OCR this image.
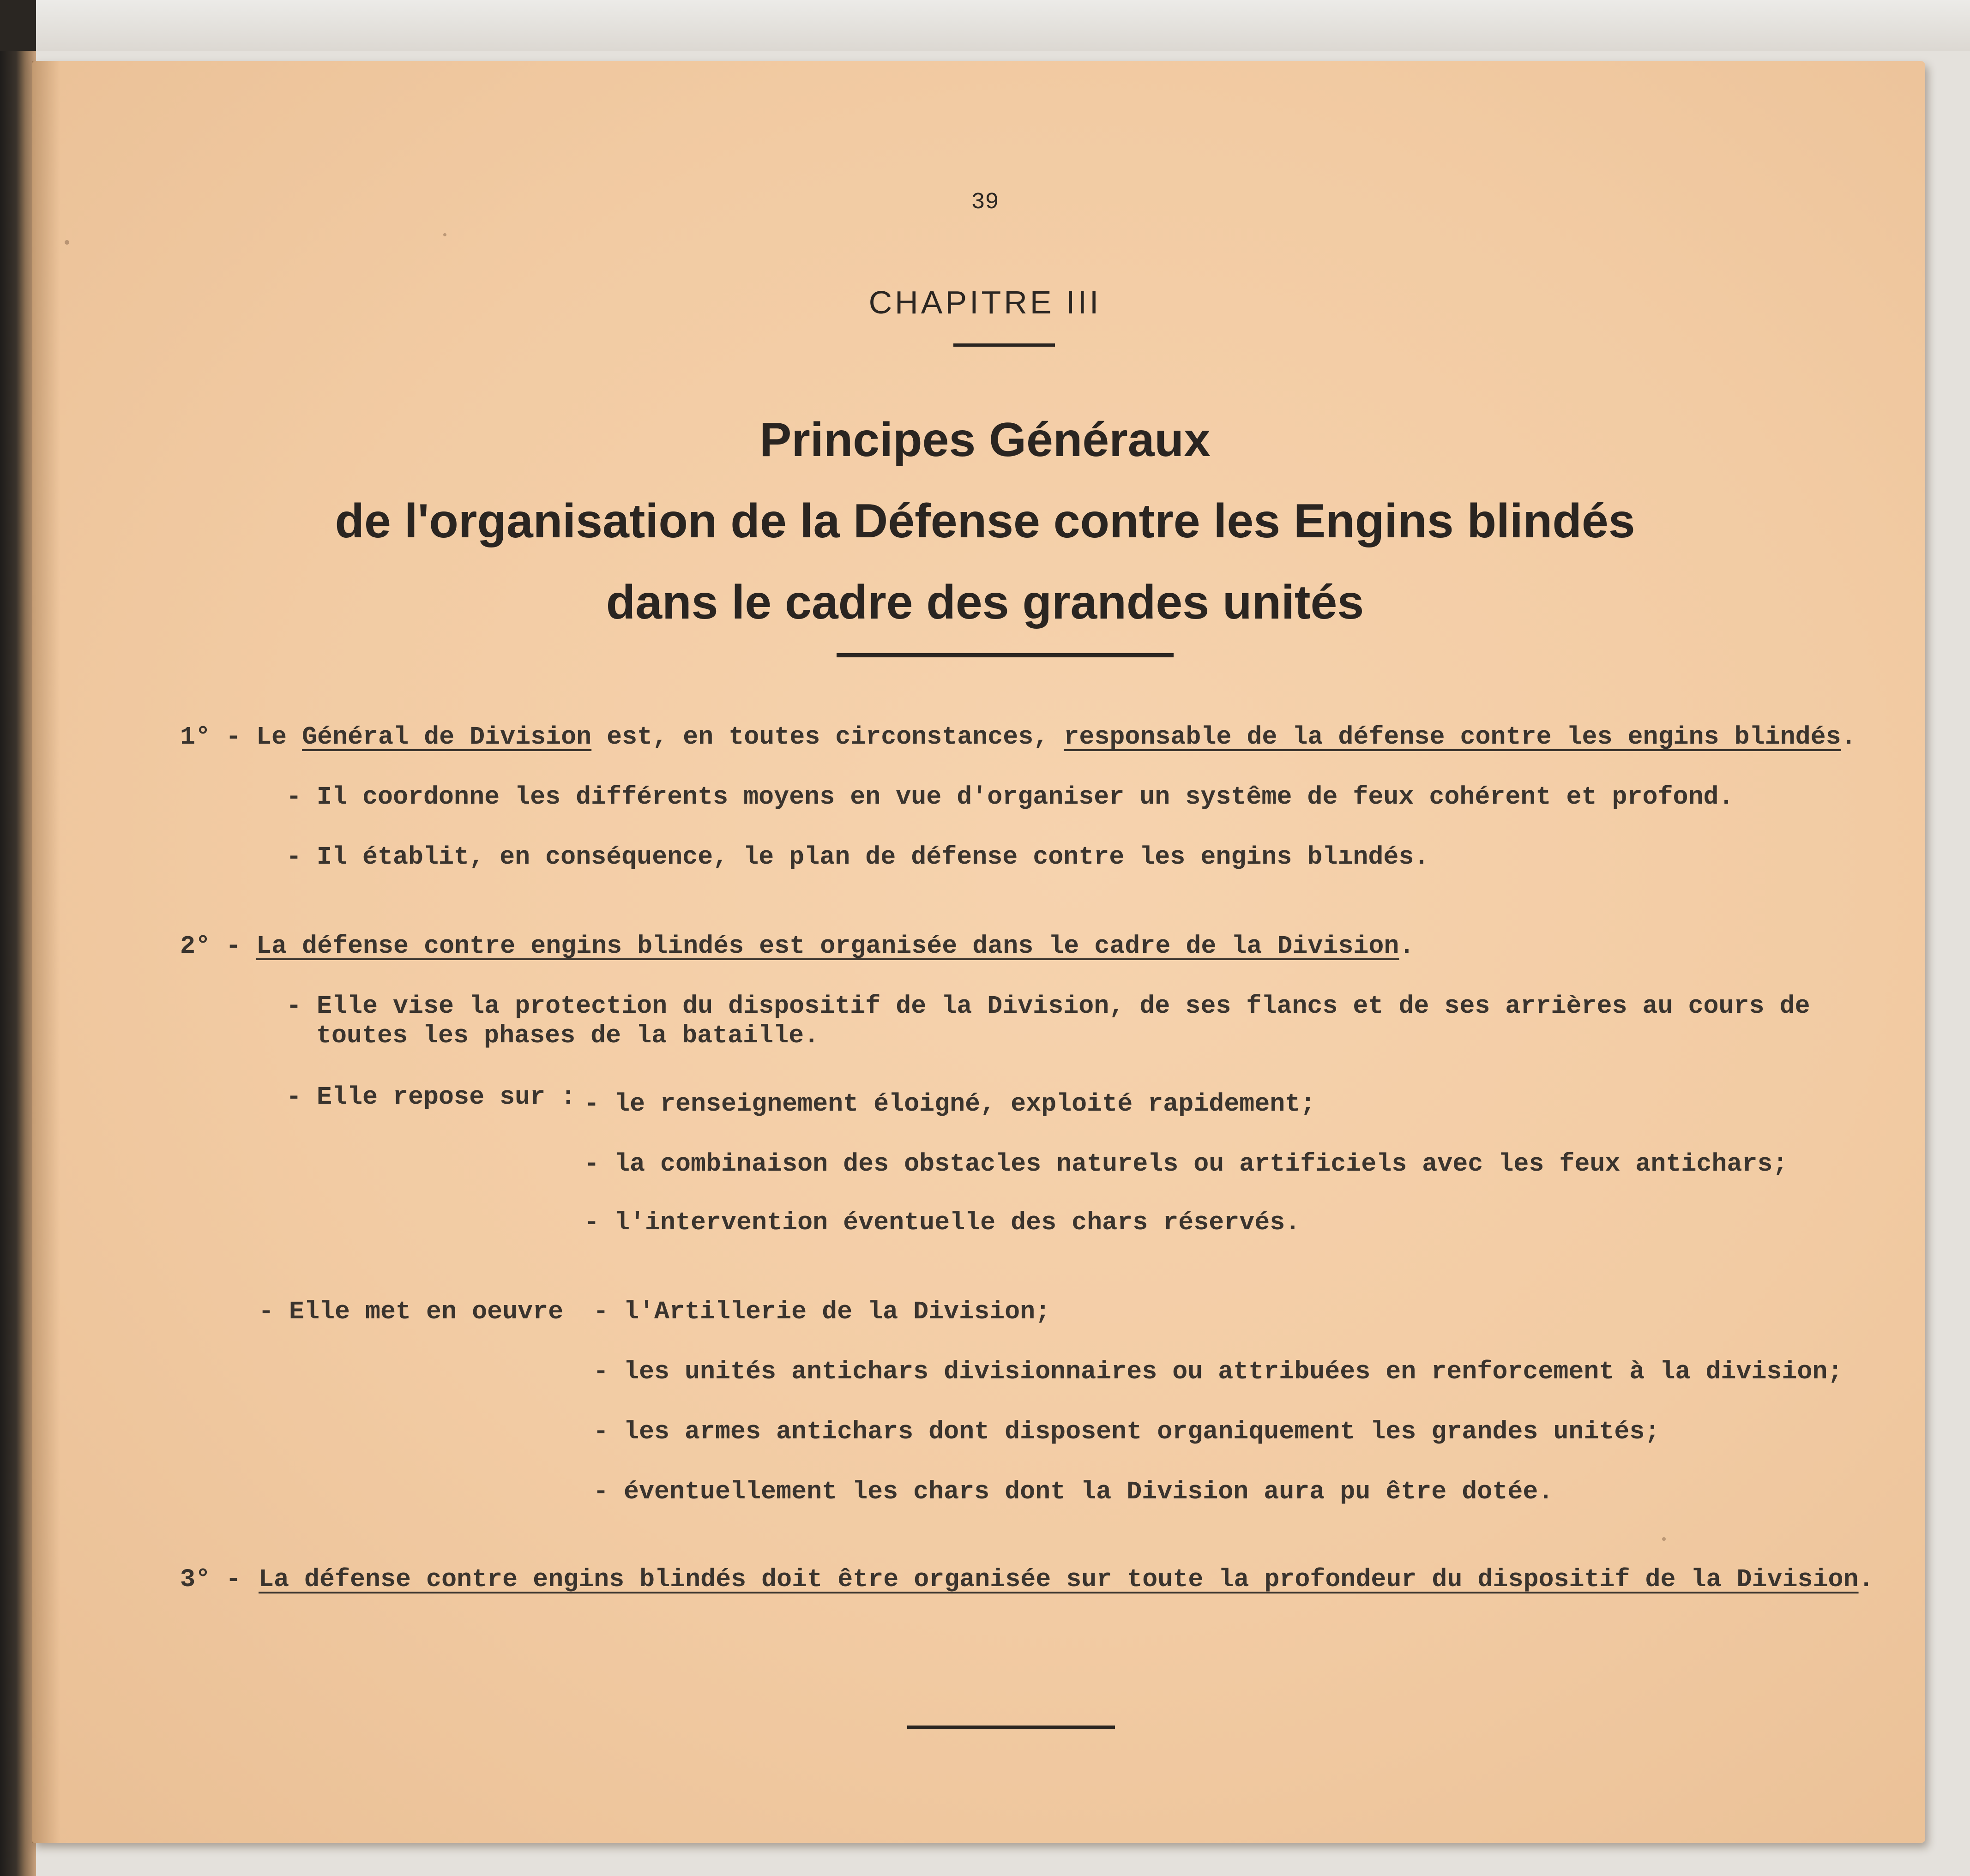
39
CHAPITRE III
Principes Généraux
de l'organisation de la Défense contre les Engins blindés
dans le cadre des grandes unités
1° - Le Général de Division est, en toutes circonstances, responsable de la défense contre les engins blindés.
- Il coordonne les différents moyens en vue d'organiser un systême de feux cohérent et profond.
- Il établit, en conséquence, le plan de défense contre les engins blındés.
2° - La défense contre engins blindés est organisée dans le cadre de la Division.
- Elle vise la protection du dispositif de la Division, de ses flancs et de ses arrières au cours de
toutes les phases de la bataille.
- Elle repose sur : - le renseignement éloigné, exploité rapidement;
- la combinaison des obstacles naturels ou artificiels avec les feux antichars;
- l'intervention éventuelle des chars réservés.
- Elle met en oeuvre - l'Artillerie de la Division;
- les unités antichars divisionnaires ou attribuées en renforcement à la division;
- les armes antichars dont disposent organiquement les grandes unités;
- éventuellement les chars dont la Division aura pu être dotée.
3° - La défense contre engins blindés doit être organisée sur toute la profondeur du dispositif de la Division.
